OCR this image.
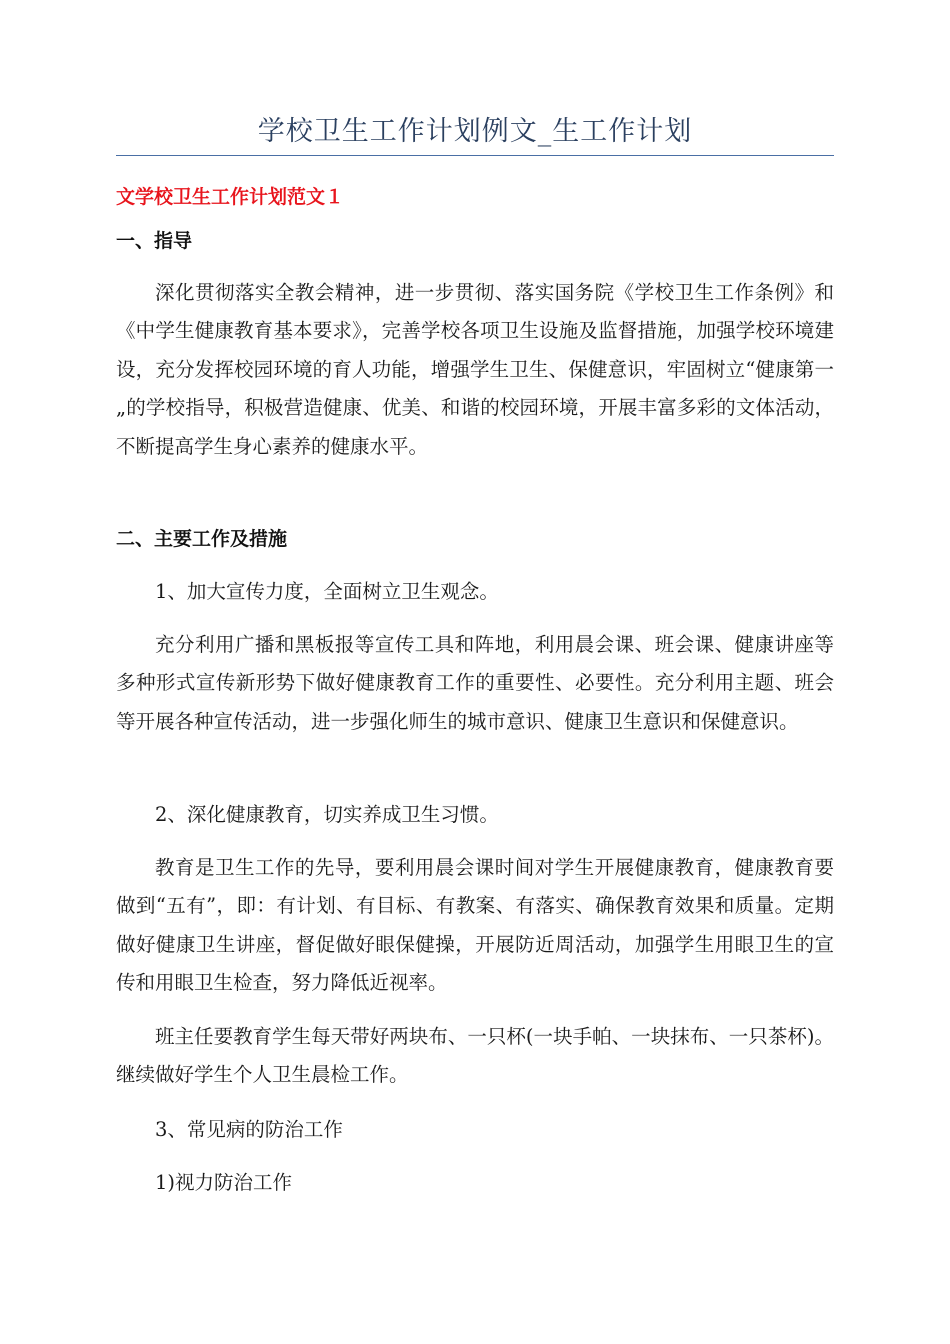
学校卫生工作计划例文_生工作计划
文学校卫生工作计划范文１
一、指导

深化贯彻落实全教会精神，进一步贯彻、落实国务院《学校卫生工作条例》和《中学生健康教育基本要求》，完善学校各项卫生设施及监督措施，加强学校环境建设，充分发挥校园环境的育人功能，增强学生卫生、保健意识，牢固树立“健康第一„的学校指导，积极营造健康、优美、和谐的校园环境，开展丰富多彩的文体活动，不断提高学生身心素养的健康水平。

二、主要工作及措施

1、加大宣传力度，全面树立卫生观念。

充分利用广播和黑板报等宣传工具和阵地，利用晨会课、班会课、健康讲座等多种形式宣传新形势下做好健康教育工作的重要性、必要性。充分利用主题、班会等开展各种宣传活动，进一步强化师生的城市意识、健康卫生意识和保健意识。

2、深化健康教育，切实养成卫生习惯。

教育是卫生工作的先导，要利用晨会课时间对学生开展健康教育，健康教育要做到“五有”，即：有计划、有目标、有教案、有落实、确保教育效果和质量。定期做好健康卫生讲座，督促做好眼保健操，开展防近周活动，加强学生用眼卫生的宣传和用眼卫生检查，努力降低近视率。

班主任要教育学生每天带好两块布、一只杯(一块手帕、一块抹布、一只茶杯)。继续做好学生个人卫生晨检工作。

3、常见病的防治工作

1)视力防治工作
